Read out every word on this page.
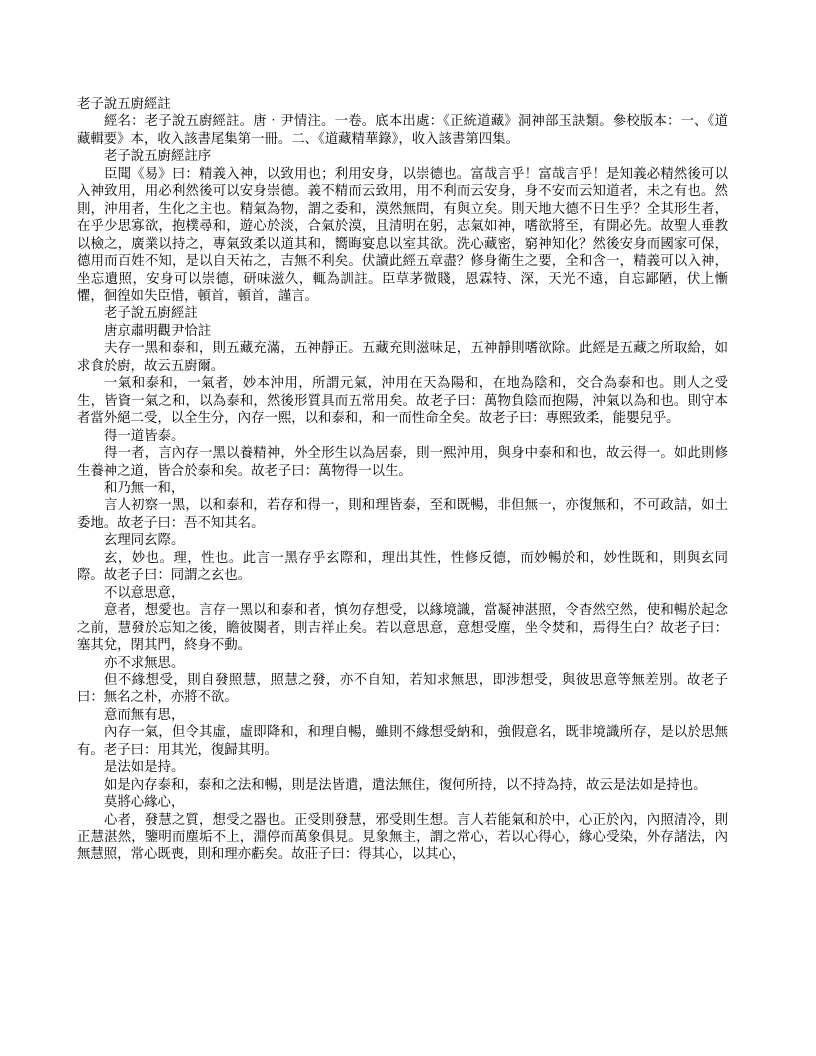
老子說五廚經註

經名：老子說五廚經註。唐‧尹情注。一卷。底本出處：《正統道藏》洞神部玉訣類。參校版本：一、《道藏輯要》本，收入該書尾集第一冊。二、《道藏精華錄》，收入該書第四集。

老子說五廚經註序

臣聞《易》曰：精義入神，以致用也；利用安身，以崇德也。富哉言乎！富哉言乎！是知義必精然後可以入神致用，用必利然後可以安身崇德。義不精而云致用，用不利而云安身，身不安而云知道者，未之有也。然則，沖用者，生化之主也。精氣為物，謂之委和，漠然無問，有與立矣。則天地大德不日生乎？全其形生者，在乎少思寡欲，抱樸尋和，遊心於淡，合氣於漠，且清明在躬，志氣如神，嗜欲將至，有開必先。故聖人垂教以檢之，廣業以持之，專氣致柔以道其和，嚮晦宴息以室其欲。洗心藏密，窮神知化？然後安身而國家可保，德用而百姓不知，是以自天祐之，吉無不利矣。伏讀此經五章盡？修身衛生之要，全和含一，精義可以入神，坐忘遺照，安身可以崇德，研味滋久，輒為訓註。臣草茅微賤，恩霖特、深，天光不遠，自忘鄙陋，伏上慚懼，徊徨如失臣惜，頓首，頓首，謹言。

老子說五廚經註

唐京肅明觀尹恰註

夫存一黑和泰和，則五藏充滿，五神靜正。五藏充則滋味足，五神靜則嗜欲除。此經是五藏之所取給，如求食於廚，故云五廚爾。

一氣和泰和，一氣者，妙本沖用，所謂元氣，沖用在天為陽和，在地為陰和，交合為泰和也。則人之受生，皆資一氣之和，以為泰和，然後形質具而五常用矣。故老子曰：萬物負陰而抱陽，沖氣以為和也。則守本者當外絕二受，以全生分，內存一熙，以和泰和，和一而性命全矣。故老子曰：專熙致柔，能嬰兒乎。

得一道皆泰。

得一者，言內存一黑以養精神，外全形生以為居泰，則一熙沖用，與身中泰和和也，故云得一。如此則修生養神之道，皆合於泰和矣。故老子曰：萬物得一以生。

和乃無一和，

言人初察一黑，以和泰和，若存和得一，則和理皆泰，至和既暢，非但無一，亦復無和，不可政詰，如土委地。故老子曰：吾不知其名。

玄理同玄際。

玄，妙也。理，性也。此言一黑存乎玄際和，理出其性，性修反德，而妙暢於和，妙性既和，則與玄同際。故老子曰：同謂之玄也。

不以意思意，

意者，想愛也。言存一黑以和泰和者，慎勿存想受，以緣境識，當凝神湛照，令杳然空然，使和暢於起念之前，慧發於忘知之後，瞻彼闋者，則吉祥止矣。若以意思意，意想受塵，坐令焚和，焉得生白？故老子曰：塞其兌，閉其門，終身不動。

亦不求無思。

但不緣想受，則自發照慧，照慧之發，亦不自知，若知求無思，即涉想受，與彼思意等無差別。故老子曰：無名之朴，亦將不欲。

意而無有思，

內存一氣，但令其虛，虛即降和，和理自暢，雖則不緣想受納和，強假意名，既非境識所存，是以於思無有。老子曰：用其光，復歸其明。

是法如是持。

如是內存泰和，泰和之法和暢，則是法皆遣，遣法無住，復何所持，以不持為持，故云是法如是持也。

莫將心緣心，

心者，發慧之質，想受之器也。正受則發慧，邪受則生想。言人若能氣和於中，心正於內，內照清冷，則正慧湛然，鑒明而塵垢不上，淵停而萬象俱見。見象無主，謂之常心，若以心得心，緣心受染，外存諸法，內無慧照，常心既喪，則和理亦虧矣。故莊子曰：得其心，以其心，
